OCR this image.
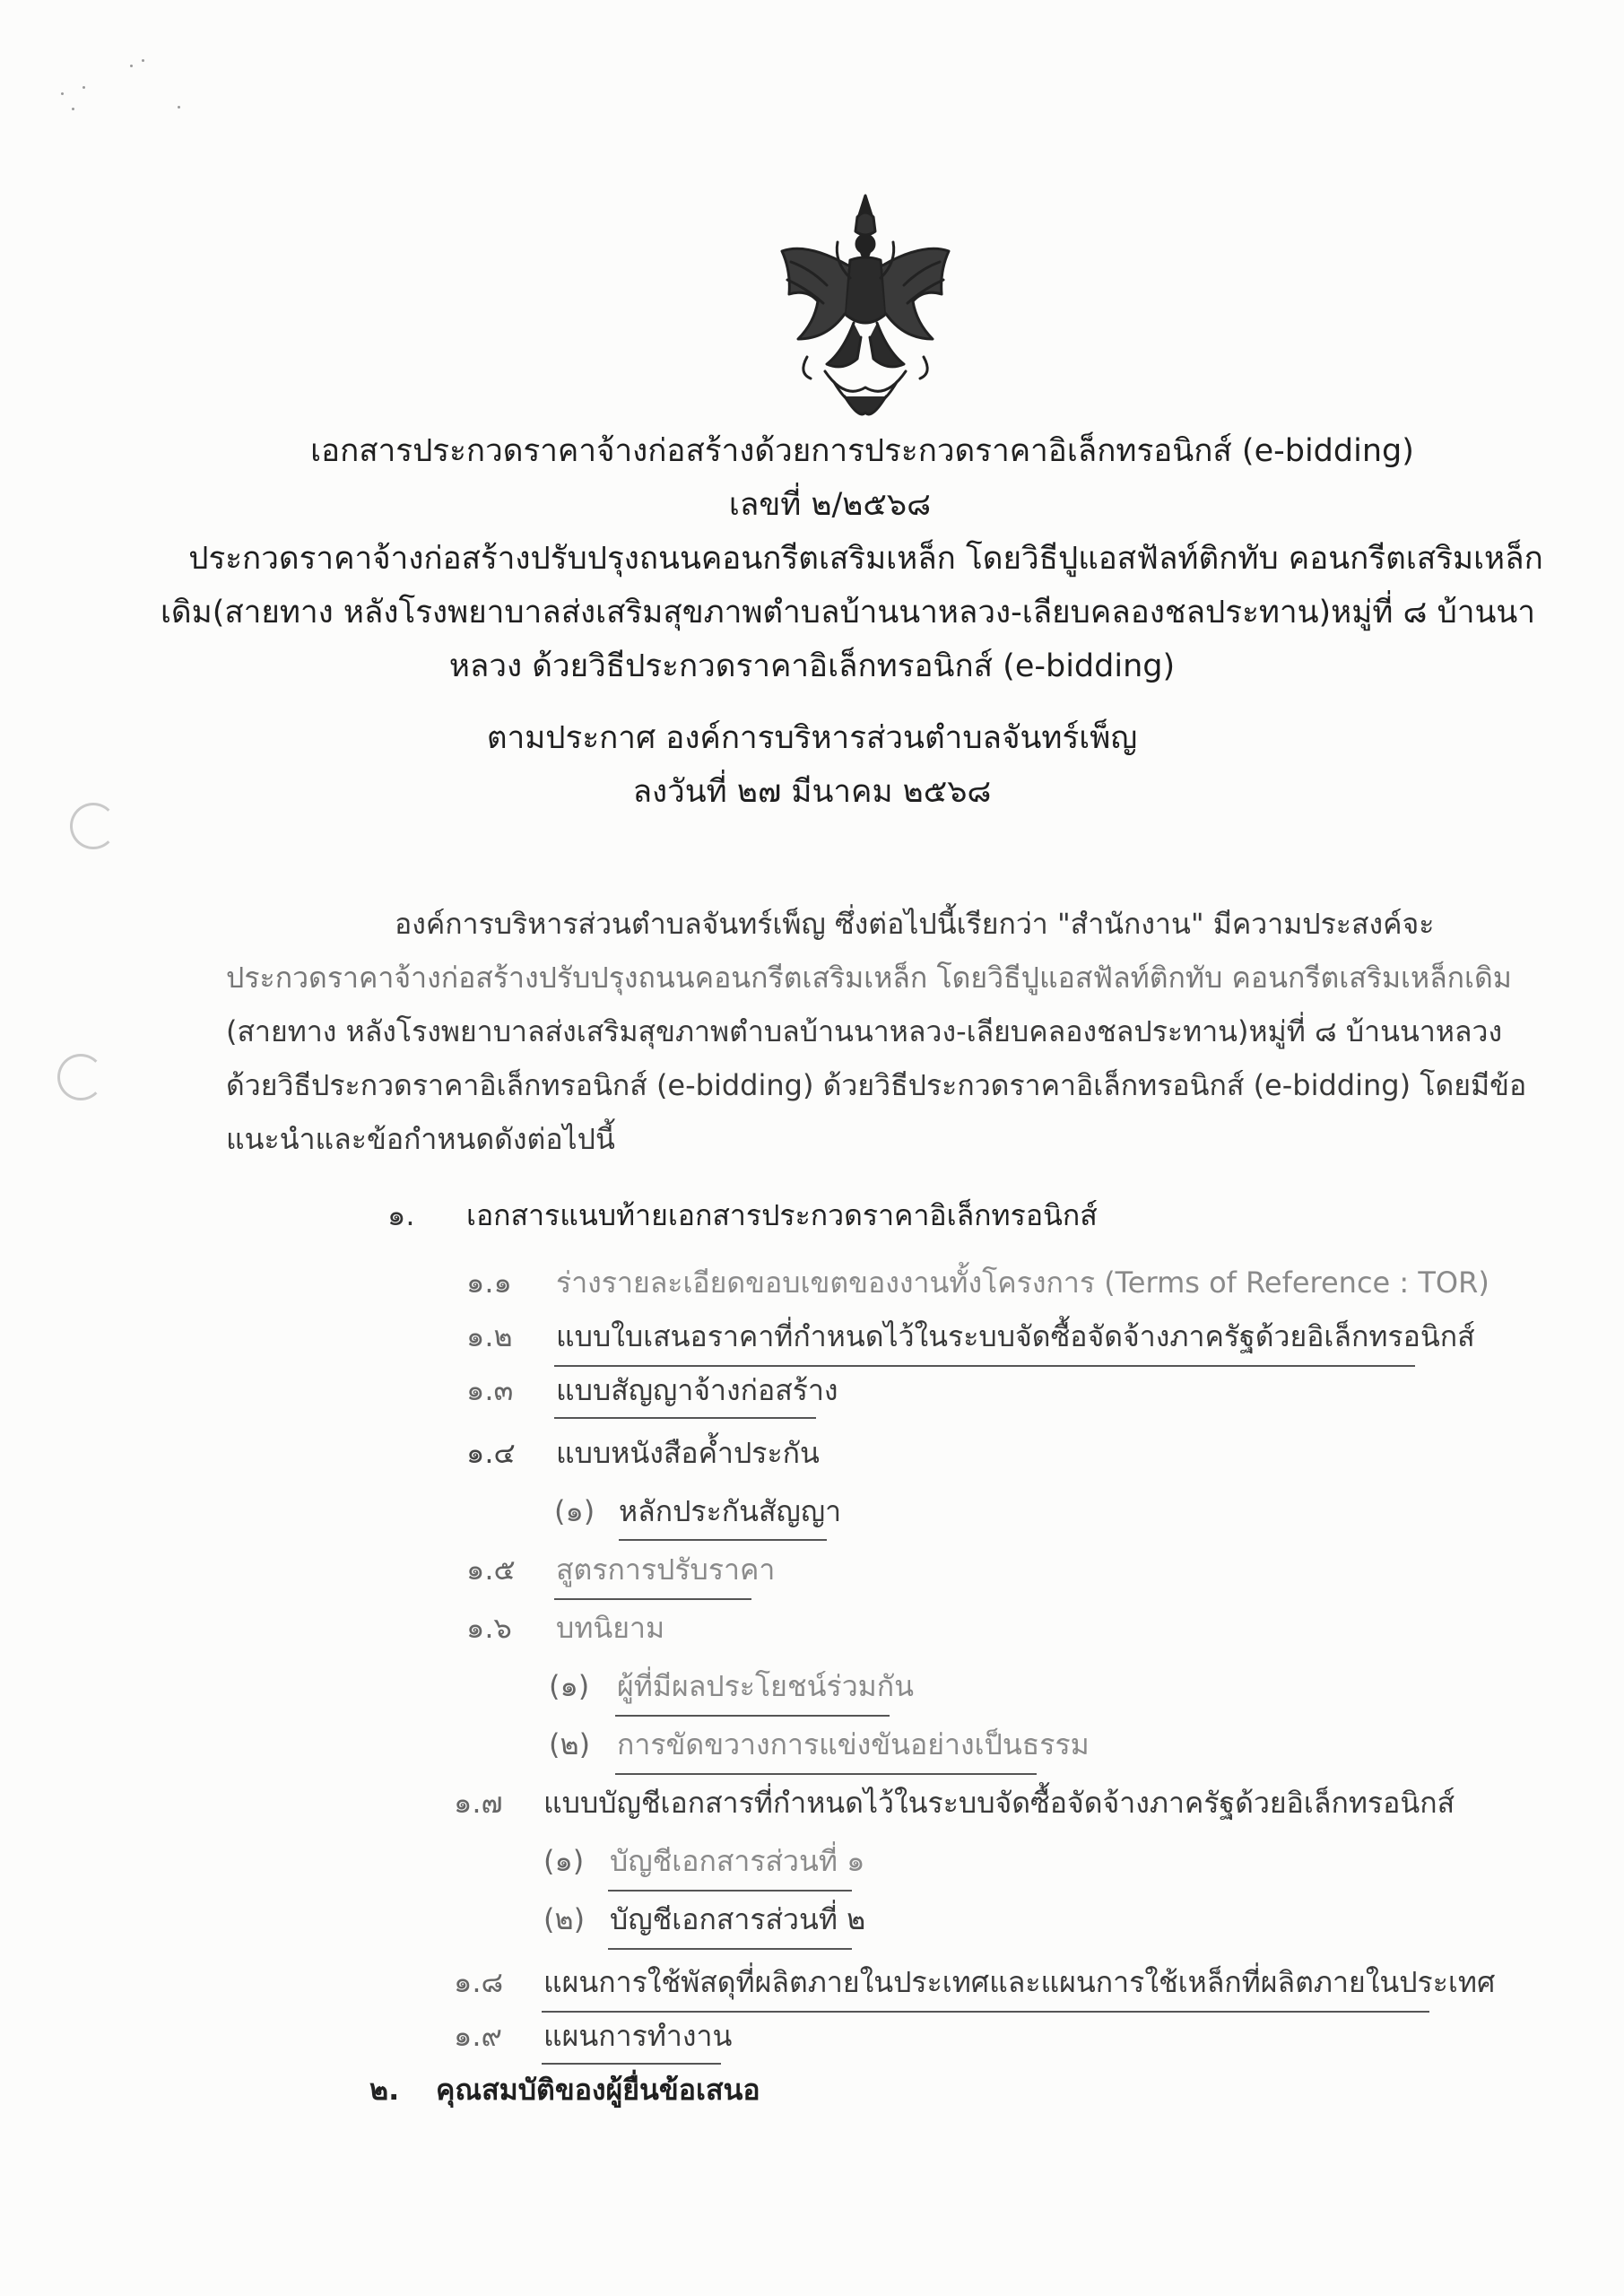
เอกสารประกวดราคาจ้างก่อสร้างด้วยการประกวดราคาอิเล็กทรอนิกส์ (e-bidding)
เลขที่ ๒/๒๕๖๘
ประกวดราคาจ้างก่อสร้างปรับปรุงถนนคอนกรีตเสริมเหล็ก โดยวิธีปูแอสฟัลท์ติกทับ คอนกรีตเสริมเหล็ก
เดิม(สายทาง หลังโรงพยาบาลส่งเสริมสุขภาพตำบลบ้านนาหลวง-เลียบคลองชลประทาน)หมู่ที่ ๘ บ้านนา
หลวง ด้วยวิธีประกวดราคาอิเล็กทรอนิกส์ (e-bidding)
ตามประกาศ องค์การบริหารส่วนตำบลจันทร์เพ็ญ
ลงวันที่ ๒๗ มีนาคม ๒๕๖๘
องค์การบริหารส่วนตำบลจันทร์เพ็ญ ซึ่งต่อไปนี้เรียกว่า "สำนักงาน" มีความประสงค์จะ
ประกวดราคาจ้างก่อสร้างปรับปรุงถนนคอนกรีตเสริมเหล็ก โดยวิธีปูแอสฟัลท์ติกทับ คอนกรีตเสริมเหล็กเดิม
(สายทาง หลังโรงพยาบาลส่งเสริมสุขภาพตำบลบ้านนาหลวง-เลียบคลองชลประทาน)หมู่ที่ ๘ บ้านนาหลวง
ด้วยวิธีประกวดราคาอิเล็กทรอนิกส์ (e-bidding) ด้วยวิธีประกวดราคาอิเล็กทรอนิกส์ (e-bidding) โดยมีข้อ
แนะนำและข้อกำหนดดังต่อไปนี้
๑. เอกสารแนบท้ายเอกสารประกวดราคาอิเล็กทรอนิกส์
๑.๑ ร่างรายละเอียดขอบเขตของงานทั้งโครงการ (Terms of Reference : TOR)
๑.๒ แบบใบเสนอราคาที่กำหนดไว้ในระบบจัดซื้อจัดจ้างภาครัฐด้วยอิเล็กทรอนิกส์
๑.๓ แบบสัญญาจ้างก่อสร้าง
๑.๔ แบบหนังสือค้ำประกัน
(๑) หลักประกันสัญญา
๑.๕ สูตรการปรับราคา
๑.๖ บทนิยาม
(๑) ผู้ที่มีผลประโยชน์ร่วมกัน
(๒) การขัดขวางการแข่งขันอย่างเป็นธรรม
๑.๗ แบบบัญชีเอกสารที่กำหนดไว้ในระบบจัดซื้อจัดจ้างภาครัฐด้วยอิเล็กทรอนิกส์
(๑) บัญชีเอกสารส่วนที่ ๑
(๒) บัญชีเอกสารส่วนที่ ๒
๑.๘ แผนการใช้พัสดุที่ผลิตภายในประเทศและแผนการใช้เหล็กที่ผลิตภายในประเทศ
๑.๙ แผนการทำงาน
๒. คุณสมบัติของผู้ยื่นข้อเสนอ
